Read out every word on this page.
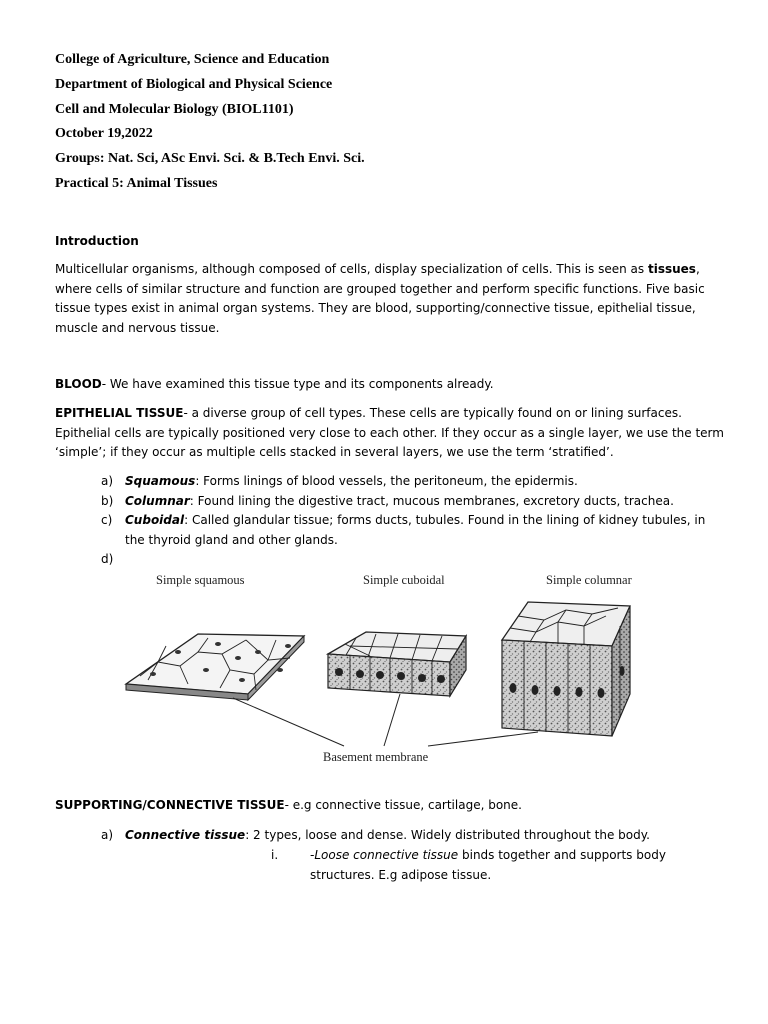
College of Agriculture, Science and Education
Department of Biological and Physical Science
Cell and Molecular Biology (BIOL1101)
October 19,2022
Groups: Nat. Sci, ASc Envi. Sci. & B.Tech Envi. Sci.
Practical 5: Animal Tissues
Introduction
Multicellular organisms, although composed of cells, display specialization of cells. This is seen as tissues, where cells of similar structure and function are grouped together and perform specific functions. Five basic tissue types exist in animal organ systems. They are blood, supporting/connective tissue, epithelial tissue, muscle and nervous tissue.
BLOOD- We have examined this tissue type and its components already.
EPITHELIAL TISSUE- a diverse group of cell types. These cells are typically found on or lining surfaces. Epithelial cells are typically positioned very close to each other. If they occur as a single layer, we use the term ‘simple’; if they occur as multiple cells stacked in several layers, we use the term ‘stratified’.
a) Squamous: Forms linings of blood vessels, the peritoneum, the epidermis.
b) Columnar: Found lining the digestive tract, mucous membranes, excretory ducts, trachea.
c)	Cuboidal: Called glandular tissue; forms ducts, tubules. Found in the lining of kidney tubules, in the thyroid gland and other glands.
d)
Simple squamous	Simple cuboidal	Simple columnar
Basement membrane
SUPPORTING/CONNECTIVE TISSUE- e.g connective tissue, cartilage, bone.
a) Connective tissue: 2 types, loose and dense. Widely distributed throughout the body.
i.	-Loose connective tissue binds together and supports body structures. E.g adipose tissue.
